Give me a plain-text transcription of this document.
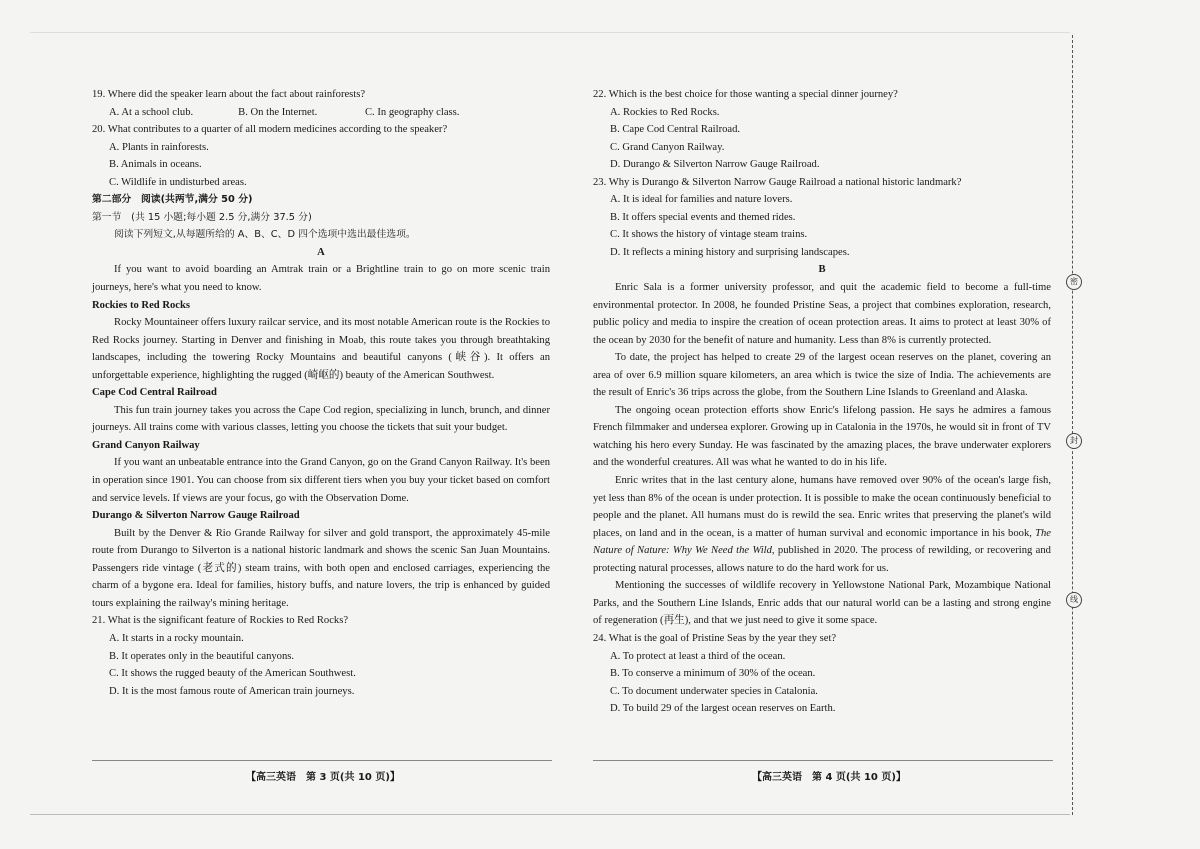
19. Where did the speaker learn about the fact about rainforests?

A. At a school club.                 B. On the Internet.                  C. In geography class.

20. What contributes to a quarter of all modern medicines according to the speaker?

A. Plants in rainforests.

B. Animals in oceans.

C. Wildlife in undisturbed areas.

第二部分　阅读(共两节,满分 50 分)

第一节　(共 15 小题;每小题 2.5 分,满分 37.5 分)

阅读下列短文,从每题所给的 A、B、C、D 四个选项中选出最佳选项。

A

If you want to avoid boarding an Amtrak train or a Brightline train to go on more scenic train journeys, here's what you need to know.

Rockies to Red Rocks

Rocky Mountaineer offers luxury railcar service, and its most notable American route is the Rockies to Red Rocks journey. Starting in Denver and finishing in Moab, this route takes you through breathtaking landscapes, including the towering Rocky Mountains and beautiful canyons (峡谷). It offers an unforgettable experience, highlighting the rugged (崎岖的) beauty of the American Southwest.

Cape Cod Central Railroad

This fun train journey takes you across the Cape Cod region, specializing in lunch, brunch, and dinner journeys. All trains come with various classes, letting you choose the tickets that suit your budget.

Grand Canyon Railway

If you want an unbeatable entrance into the Grand Canyon, go on the Grand Canyon Railway. It's been in operation since 1901. You can choose from six different tiers when you buy your ticket based on comfort and service levels. If views are your focus, go with the Observation Dome.

Durango & Silverton Narrow Gauge Railroad

Built by the Denver & Rio Grande Railway for silver and gold transport, the approximately 45-mile route from Durango to Silverton is a national historic landmark and shows the scenic San Juan Mountains. Passengers ride vintage (老式的) steam trains, with both open and enclosed carriages, experiencing the charm of a bygone era. Ideal for families, history buffs, and nature lovers, the trip is enhanced by guided tours explaining the railway's mining heritage.

21. What is the significant feature of Rockies to Red Rocks?

A. It starts in a rocky mountain.

B. It operates only in the beautiful canyons.

C. It shows the rugged beauty of the American Southwest.

D. It is the most famous route of American train journeys.

22. Which is the best choice for those wanting a special dinner journey?

A. Rockies to Red Rocks.

B. Cape Cod Central Railroad.

C. Grand Canyon Railway.

D. Durango & Silverton Narrow Gauge Railroad.

23. Why is Durango & Silverton Narrow Gauge Railroad a national historic landmark?

A. It is ideal for families and nature lovers.

B. It offers special events and themed rides.

C. It shows the history of vintage steam trains.

D. It reflects a mining history and surprising landscapes.

B

Enric Sala is a former university professor, and quit the academic field to become a full-time environmental protector. In 2008, he founded Pristine Seas, a project that combines exploration, research, public policy and media to inspire the creation of ocean protection areas. It aims to protect at least 30% of the ocean by 2030 for the benefit of nature and humanity. Less than 8% is currently protected.

To date, the project has helped to create 29 of the largest ocean reserves on the planet, covering an area of over 6.9 million square kilometers, an area which is twice the size of India. The achievements are the result of Enric's 36 trips across the globe, from the Southern Line Islands to Greenland and Alaska.

The ongoing ocean protection efforts show Enric's lifelong passion. He says he admires a famous French filmmaker and undersea explorer. Growing up in Catalonia in the 1970s, he would sit in front of TV watching his hero every Sunday. He was fascinated by the amazing places, the brave underwater explorers and the wonderful creatures. All was what he wanted to do in his life.

Enric writes that in the last century alone, humans have removed over 90% of the ocean's large fish, yet less than 8% of the ocean is under protection. It is possible to make the ocean continuously beneficial to people and the planet. All humans must do is rewild the sea. Enric writes that preserving the planet's wild places, on land and in the ocean, is a matter of human survival and economic importance in his book, The Nature of Nature: Why We Need the Wild, published in 2020. The process of rewilding, or recovering and protecting natural processes, allows nature to do the hard work for us.

Mentioning the successes of wildlife recovery in Yellowstone National Park, Mozambique National Parks, and the Southern Line Islands, Enric adds that our natural world can be a lasting and strong engine of regeneration (再生), and that we just need to give it some space.

24. What is the goal of Pristine Seas by the year they set?

A. To protect at least a third of the ocean.

B. To conserve a minimum of 30% of the ocean.

C. To document underwater species in Catalonia.

D. To build 29 of the largest ocean reserves on Earth.

【高三英语　第 3 页(共 10 页)】	【高三英语　第 4 页(共 10 页)】
密
封
线
